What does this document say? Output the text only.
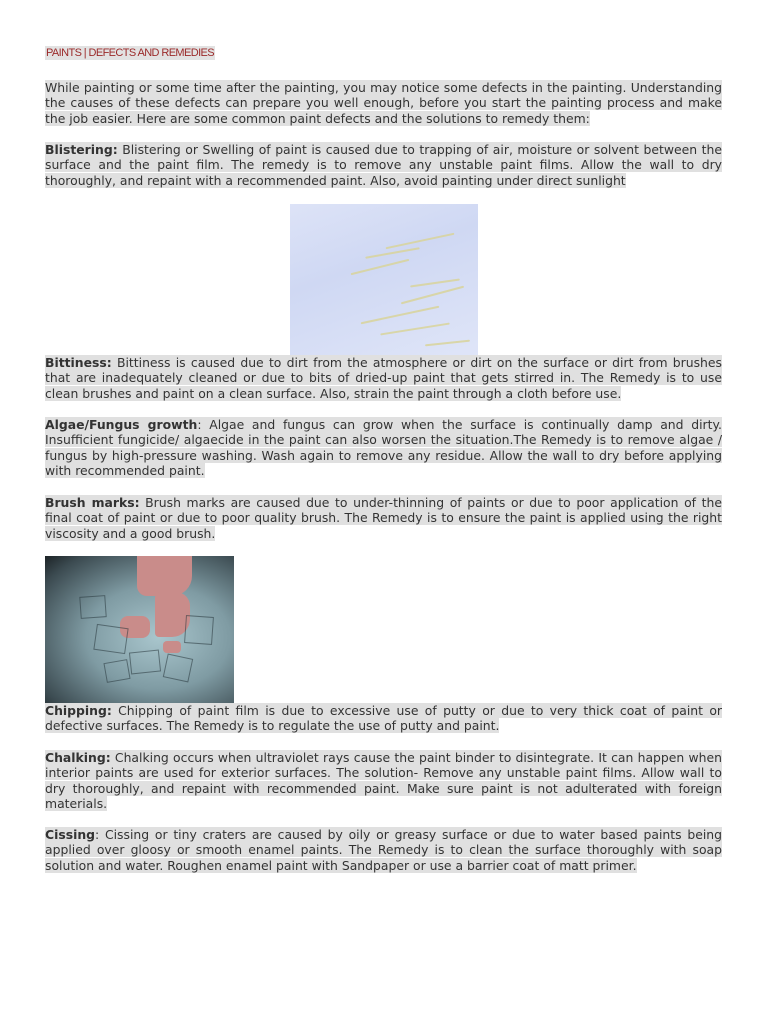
PAINTS | DEFECTS AND REMEDIES

While painting or some time after the painting, you may notice some defects in the painting. Understanding the causes of these defects can prepare you well enough, before you start the painting process and make the job easier. Here are some common paint defects and the solutions to remedy them:

Blistering: Blistering or Swelling of paint is caused due to trapping of air, moisture or solvent between the surface and the paint film. The remedy is to remove any unstable paint films. Allow the wall to dry thoroughly, and repaint with a recommended paint. Also, avoid painting under direct sunlight

Bittiness: Bittiness is caused due to dirt from the atmosphere or dirt on the surface or dirt from brushes that are inadequately cleaned or due to bits of dried-up paint that gets stirred in. The Remedy is to use clean brushes and paint on a clean surface. Also, strain the paint through a cloth before use.

Algae/Fungus growth: Algae and fungus can grow when the surface is continually damp and dirty. Insufficient fungicide/ algaecide in the paint can also worsen the situation.The Remedy is to remove algae / fungus by high-pressure washing. Wash again to remove any residue. Allow the wall to dry before applying with recommended paint.

Brush marks: Brush marks are caused due to under-thinning of paints or due to poor application of the final coat of paint or due to poor quality brush. The Remedy is to ensure the paint is applied using the right viscosity and a good brush.

Chipping: Chipping of paint film is due to excessive use of putty or due to very thick coat of paint or defective surfaces. The Remedy is to regulate the use of putty and paint.

Chalking: Chalking occurs when ultraviolet rays cause the paint binder to disintegrate. It can happen when interior paints are used for exterior surfaces. The solution- Remove any unstable paint films. Allow wall to dry thoroughly, and repaint with recommended paint. Make sure paint is not adulterated with foreign materials.

Cissing: Cissing or tiny craters are caused by oily or greasy surface or due to water based paints being applied over gloosy or smooth enamel paints. The Remedy is to clean the surface thoroughly with soap solution and water. Roughen enamel paint with Sandpaper or use a barrier coat of matt primer.
